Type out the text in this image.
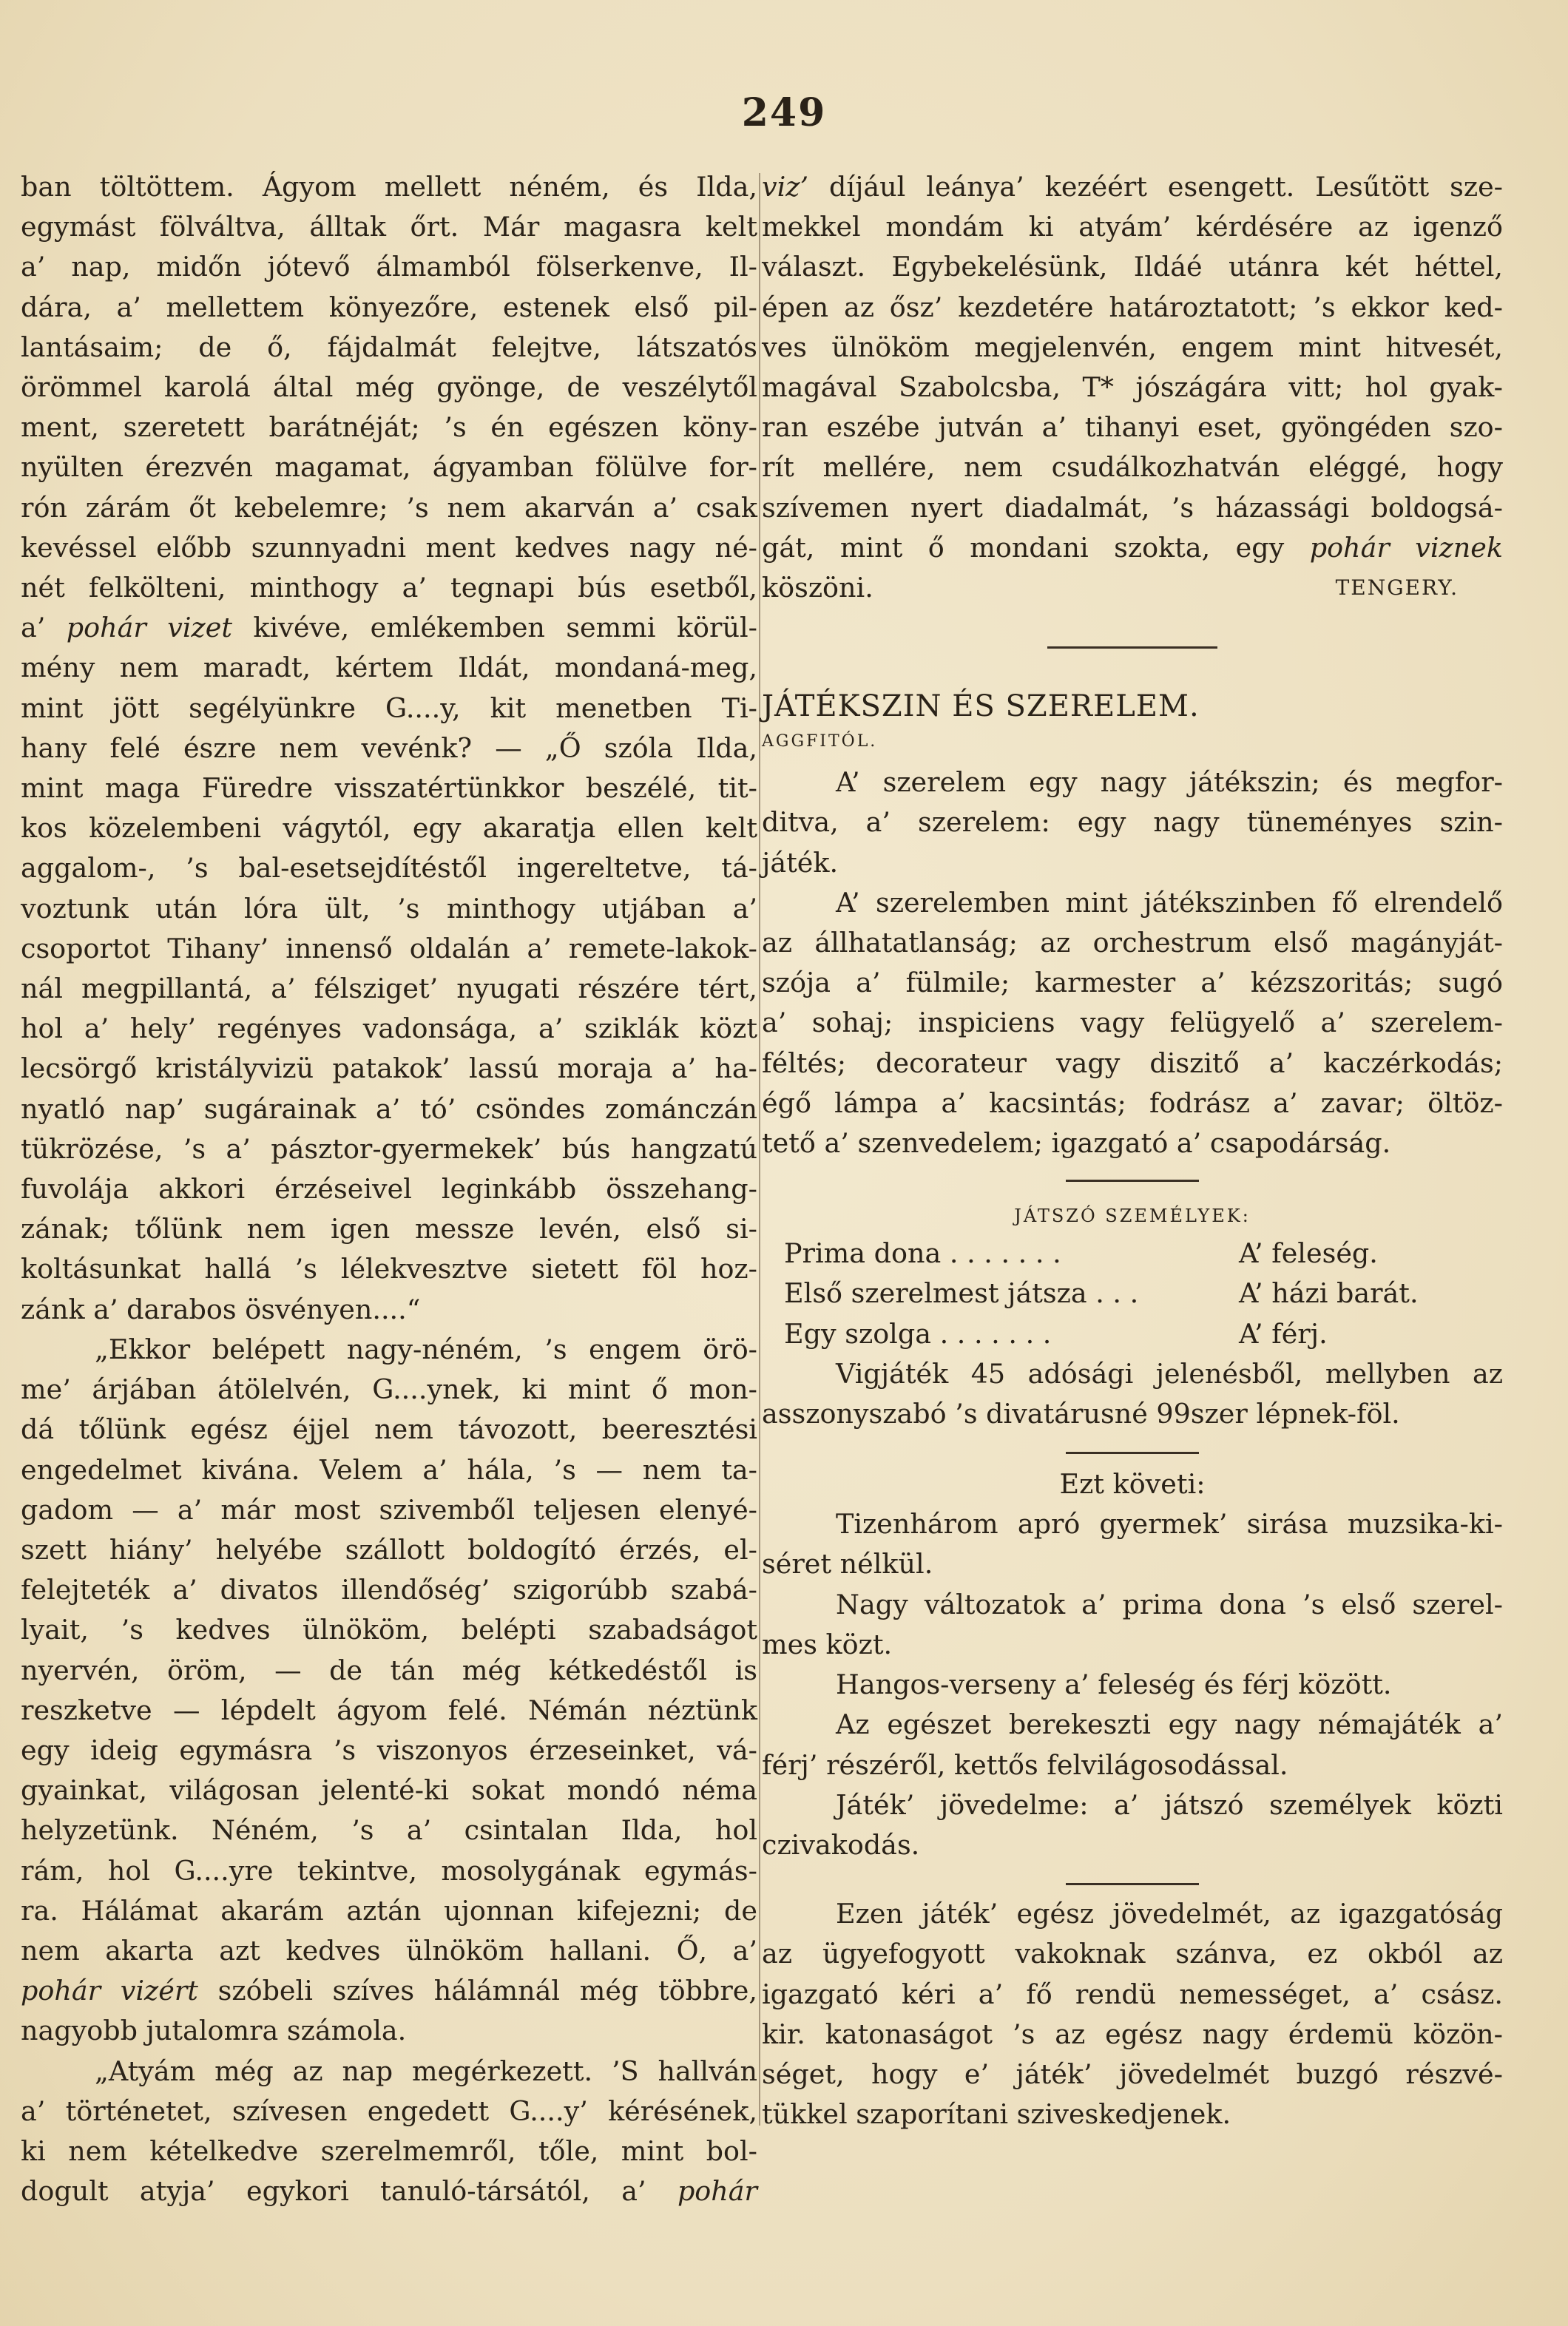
249
ban töltöttem. Ágyom mellett néném, és Ilda,
egymást fölváltva, álltak őrt. Már magasra kelt
a’ nap, midőn jótevő álmamból fölserkenve, Il-
dára, a’ mellettem könyezőre, estenek első pil-
lantásaim; de ő, fájdalmát felejtve, látszatós
örömmel karolá által még gyönge, de veszélytől
ment, szeretett barátnéját; ’s én egészen köny-
nyülten érezvén magamat, ágyamban fölülve for-
rón zárám őt kebelemre; ’s nem akarván a’ csak
kevéssel előbb szunnyadni ment kedves nagy né-
nét felkölteni, minthogy a’ tegnapi bús esetből,
a’ pohár vizet kivéve, emlékemben semmi körül-
mény nem maradt, kértem Ildát, mondaná-meg,
mint jött segélyünkre G....y, kit menetben Ti-
hany felé észre nem vevénk? — „Ő szóla Ilda,
mint maga Füredre visszatértünkkor beszélé, tit-
kos közelembeni vágytól, egy akaratja ellen kelt
aggalom-, ’s bal-esetsejdítéstől ingereltetve, tá-
voztunk után lóra ült, ’s minthogy utjában a’
csoportot Tihany’ innenső oldalán a’ remete-lakok-
nál megpillantá, a’ félsziget’ nyugati részére tért,
hol a’ hely’ regényes vadonsága, a’ sziklák közt
lecsörgő kristályvizü patakok’ lassú moraja a’ ha-
nyatló nap’ sugárainak a’ tó’ csöndes zománczán
tükrözése, ’s a’ pásztor-gyermekek’ bús hangzatú
fuvolája akkori érzéseivel leginkább összehang-
zának; tőlünk nem igen messze levén, első si-
koltásunkat hallá ’s lélekvesztve sietett föl hoz-
zánk a’ darabos ösvényen....“
„Ekkor belépett nagy-néném, ’s engem örö-
me’ árjában átölelvén, G....ynek, ki mint ő mon-
dá tőlünk egész éjjel nem távozott, beeresztési
engedelmet kivána. Velem a’ hála, ’s — nem ta-
gadom — a’ már most szivemből teljesen elenyé-
szett hiány’ helyébe szállott boldogító érzés, el-
felejteték a’ divatos illendőség’ szigorúbb szabá-
lyait, ’s kedves ülnököm, belépti szabadságot
nyervén, öröm, — de tán még kétkedéstől is
reszketve — lépdelt ágyom felé. Némán néztünk
egy ideig egymásra ’s viszonyos érzeseinket, vá-
gyainkat, világosan jelenté-ki sokat mondó néma
helyzetünk. Néném, ’s a’ csintalan Ilda, hol
rám, hol G....yre tekintve, mosolygának egymás-
ra. Hálámat akarám aztán ujonnan kifejezni; de
nem akarta azt kedves ülnököm hallani. Ő, a’
pohár vizért szóbeli szíves hálámnál még többre,
nagyobb jutalomra számola.
„Atyám még az nap megérkezett. ’S hallván
a’ történetet, szívesen engedett G....y’ kérésének,
ki nem kételkedve szerelmemről, tőle, mint bol-
dogult atyja’ egykori tanuló-társától, a’ pohár
viz’ díjául leánya’ kezéért esengett. Lesűtött sze-
mekkel mondám ki atyám’ kérdésére az igenző
választ. Egybekelésünk, Ildáé utánra két héttel,
épen az ősz’ kezdetére határoztatott; ’s ekkor ked-
ves ülnököm megjelenvén, engem mint hitvesét,
magával Szabolcsba, T* jószágára vitt; hol gyak-
ran eszébe jutván a’ tihanyi eset, gyöngéden szo-
rít mellére, nem csudálkozhatván eléggé, hogy
szívemen nyert diadalmát, ’s házassági boldogsá-
gát, mint ő mondani szokta, egy pohár viznek
köszöni.	TENGERY.

JÁTÉKSZIN ÉS SZERELEM.

AGGFITÓL.

A’ szerelem egy nagy játékszin; és megfor-
ditva, a’ szerelem: egy nagy tüneményes szin-
játék.
A’ szerelemben mint játékszinben fő elrendelő
az állhatatlanság; az orchestrum első magányját-
szója a’ fülmile; karmester a’ kézszoritás; sugó
a’ sohaj; inspiciens vagy felügyelő a’ szerelem-
féltés; decorateur vagy diszitő a’ kaczérkodás;
égő lámpa a’ kacsintás; fodrász a’ zavar; öltöz-
tető a’ szenvedelem; igazgató a’ csapodárság.
JÁTSZÓ SZEMÉLYEK:
Prima dona . . . . . . .	A’ feleség.
Első szerelmest játsza . . .	A’ házi barát.
Egy szolga . . . . . . .	A’ férj.
Vigjáték 45 adósági jelenésből, mellyben az
asszonyszabó ’s divatárusné 99szer lépnek-föl.
Ezt követi:
Tizenhárom apró gyermek’ sirása muzsika-ki-
séret nélkül.
Nagy változatok a’ prima dona ’s első szerel-
mes közt.
Hangos-verseny a’ feleség és férj között.
Az egészet berekeszti egy nagy némajáték a’
férj’ részéről, kettős felvilágosodással.
Játék’ jövedelme: a’ játszó személyek közti
czivakodás.
Ezen játék’ egész jövedelmét, az igazgatóság
az ügyefogyott vakoknak szánva, ez okból az
igazgató kéri a’ fő rendü nemességet, a’ csász.
kir. katonaságot ’s az egész nagy érdemü közön-
séget, hogy e’ játék’ jövedelmét buzgó részvé-
tükkel szaporítani sziveskedjenek.
